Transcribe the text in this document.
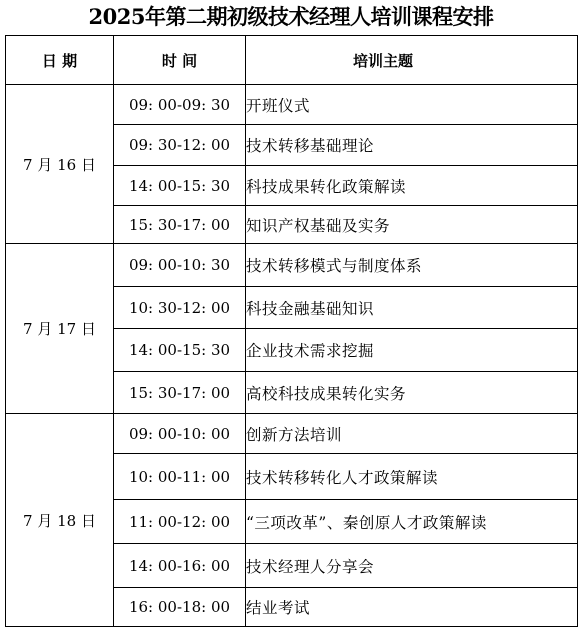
2025年第二期初级技术经理人培训课程安排
日 期	时 间	培训主题
7 月 16 日	09: 00-09: 30	开班仪式
	09: 30-12: 00	技术转移基础理论
	14: 00-15: 30	科技成果转化政策解读
	15: 30-17: 00	知识产权基础及实务
7 月 17 日	09: 00-10: 30	技术转移模式与制度体系
	10: 30-12: 00	科技金融基础知识
	14: 00-15: 30	企业技术需求挖掘
	15: 30-17: 00	高校科技成果转化实务
7 月 18 日	09: 00-10: 00	创新方法培训
	10: 00-11: 00	技术转移转化人才政策解读
	11: 00-12: 00	“三项改革”、秦创原人才政策解读
	14: 00-16: 00	技术经理人分享会
	16: 00-18: 00	结业考试
